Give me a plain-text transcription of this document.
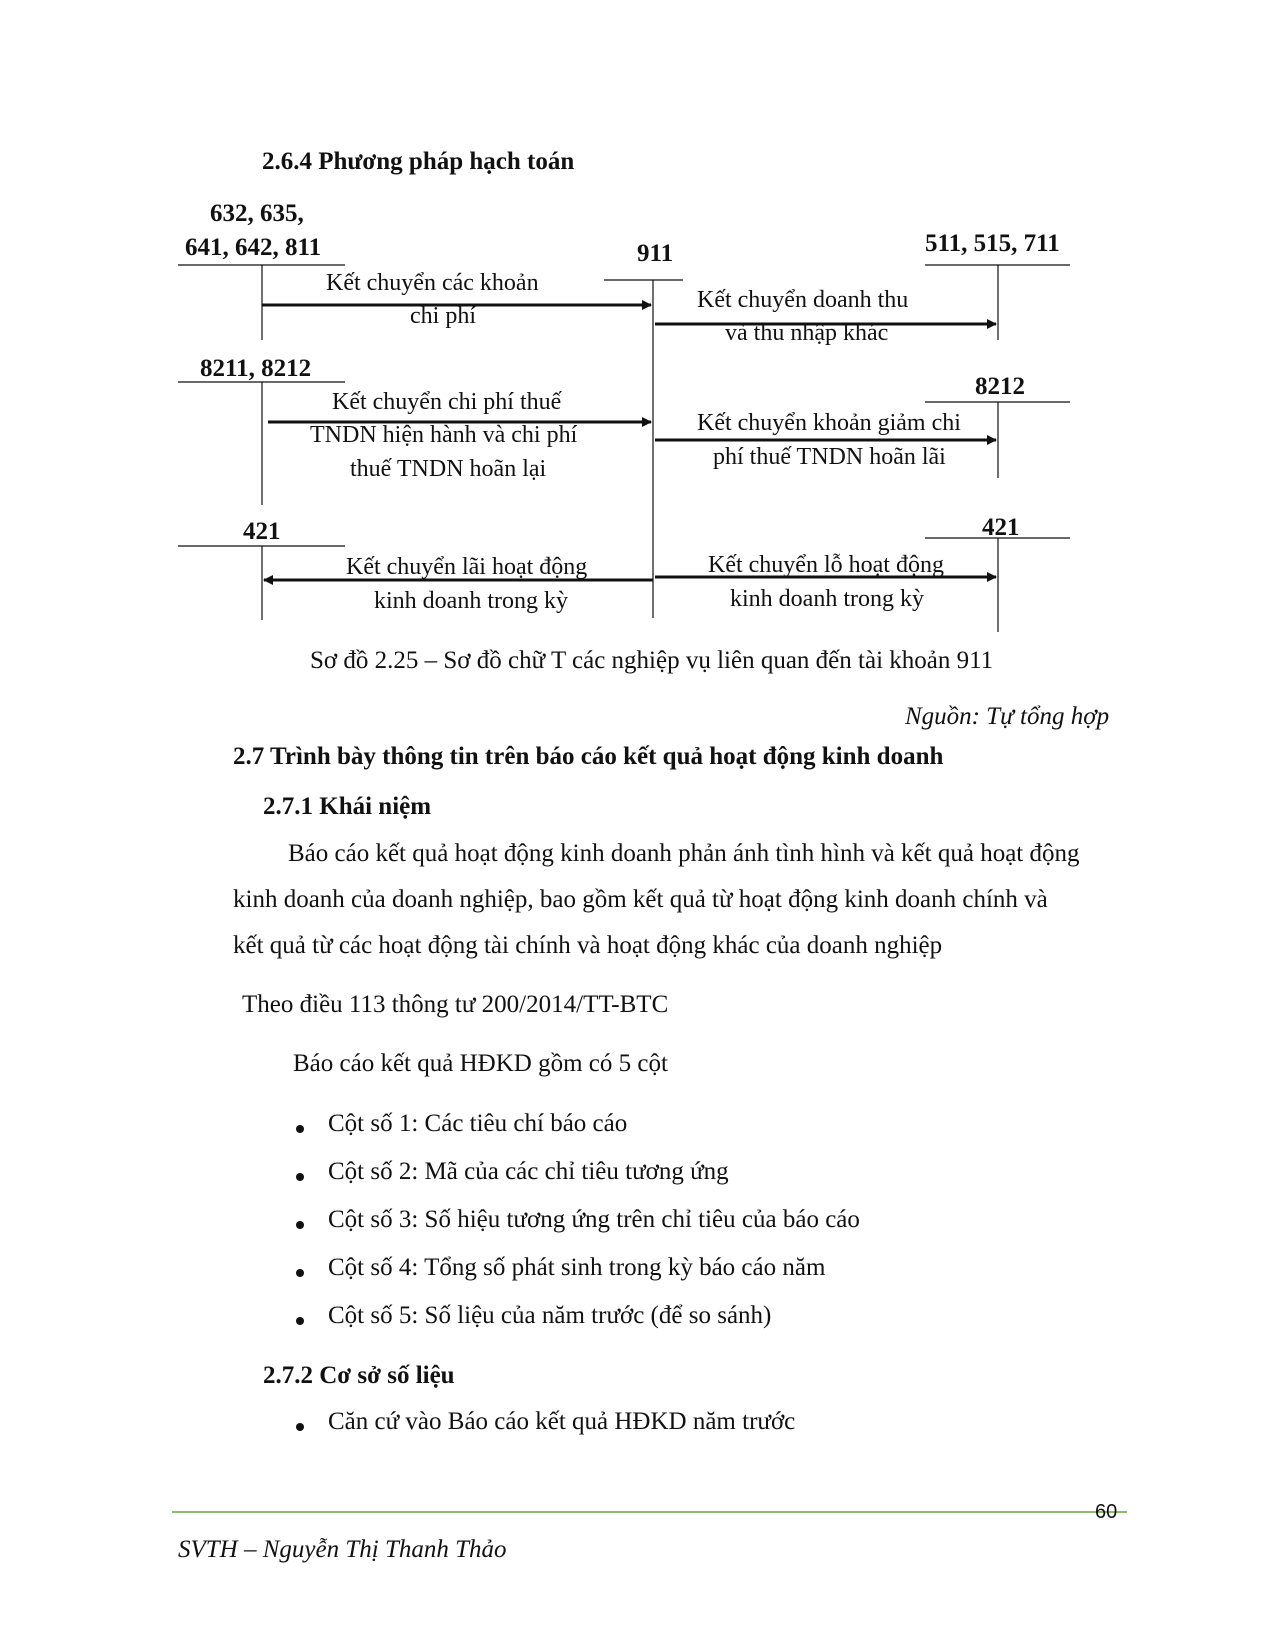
2.6.4 Phương pháp hạch toán
632, 635,
641, 642, 811	911	511, 515, 711
8211, 8212
8212
421	421
Kết chuyển các khoản
chi phí
Kết chuyển doanh thu
và thu nhập khác
Kết chuyển chi phí thuế
TNDN hiện hành và chi phí
thuế TNDN hoãn lại
Kết chuyển khoản giảm chi
phí thuế TNDN hoãn lãi
Kết chuyển lãi hoạt động
kinh doanh trong kỳ
Kết chuyển lỗ hoạt động
kinh doanh trong kỳ
Sơ đồ 2.25 – Sơ đồ chữ T các nghiệp vụ liên quan đến tài khoản 911
Nguồn: Tự tổng hợp
2.7 Trình bày thông tin trên báo cáo kết quả hoạt động kinh doanh
2.7.1 Khái niệm
Báo cáo kết quả hoạt động kinh doanh phản ánh tình hình và kết quả hoạt động
kinh doanh của doanh nghiệp, bao gồm kết quả từ hoạt động kinh doanh chính và
kết quả từ các hoạt động tài chính và hoạt động khác của doanh nghiệp
Theo điều 113 thông tư 200/2014/TT-BTC
Báo cáo kết quả HĐKD gồm có 5 cột
Cột số 1: Các tiêu chí báo cáo
Cột số 2: Mã của các chỉ tiêu tương ứng
Cột số 3: Số hiệu tương ứng trên chỉ tiêu của báo cáo
Cột số 4: Tổng số phát sinh trong kỳ báo cáo năm
Cột số 5: Số liệu của năm trước (để so sánh)
2.7.2 Cơ sở số liệu
Căn cứ vào Báo cáo kết quả HĐKD năm trước
60
SVTH – Nguyễn Thị Thanh Thảo
